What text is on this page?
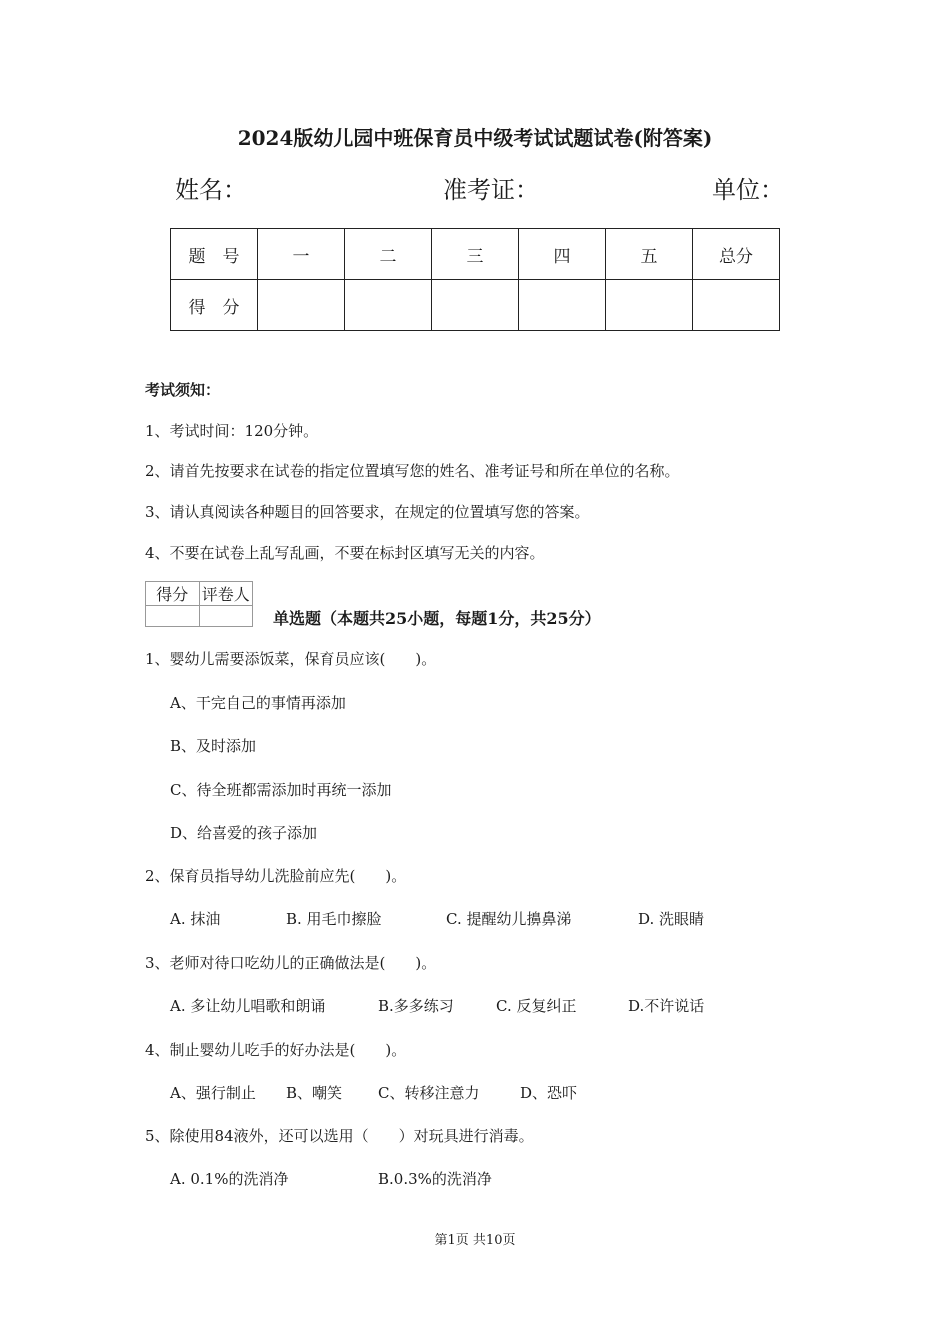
2024版幼儿园中班保育员中级考试试题试卷(附答案)
姓名：	准考证：	单位：
题　号	一	二	三	四	五	总分
得　分						
考试须知：
1、考试时间：120分钟。
2、请首先按要求在试卷的指定位置填写您的姓名、准考证号和所在单位的名称。
3、请认真阅读各种题目的回答要求，在规定的位置填写您的答案。
4、不要在试卷上乱写乱画，不要在标封区填写无关的内容。
得分	评卷人

单选题（本题共25小题，每题1分，共25分）
1、婴幼儿需要添饭菜，保育员应该(　　)。
A、干完自己的事情再添加
B、及时添加
C、待全班都需添加时再统一添加
D、给喜爱的孩子添加
2、保育员指导幼儿洗脸前应先(　　)。
A. 抹油	B. 用毛巾擦脸	C. 提醒幼儿擤鼻涕	D. 洗眼睛
3、老师对待口吃幼儿的正确做法是(　　)。
A. 多让幼儿唱歌和朗诵	B.多多练习	C. 反复纠正	D.不许说话
4、制止婴幼儿吃手的好办法是(　　)。
A、强行制止 B、嘲笑 C、转移注意力	D、恐吓
5、除使用84液外，还可以选用（　　）对玩具进行消毒。
A. 0.1%的洗消净	B.0.3%的洗消净
第1页 共10页
